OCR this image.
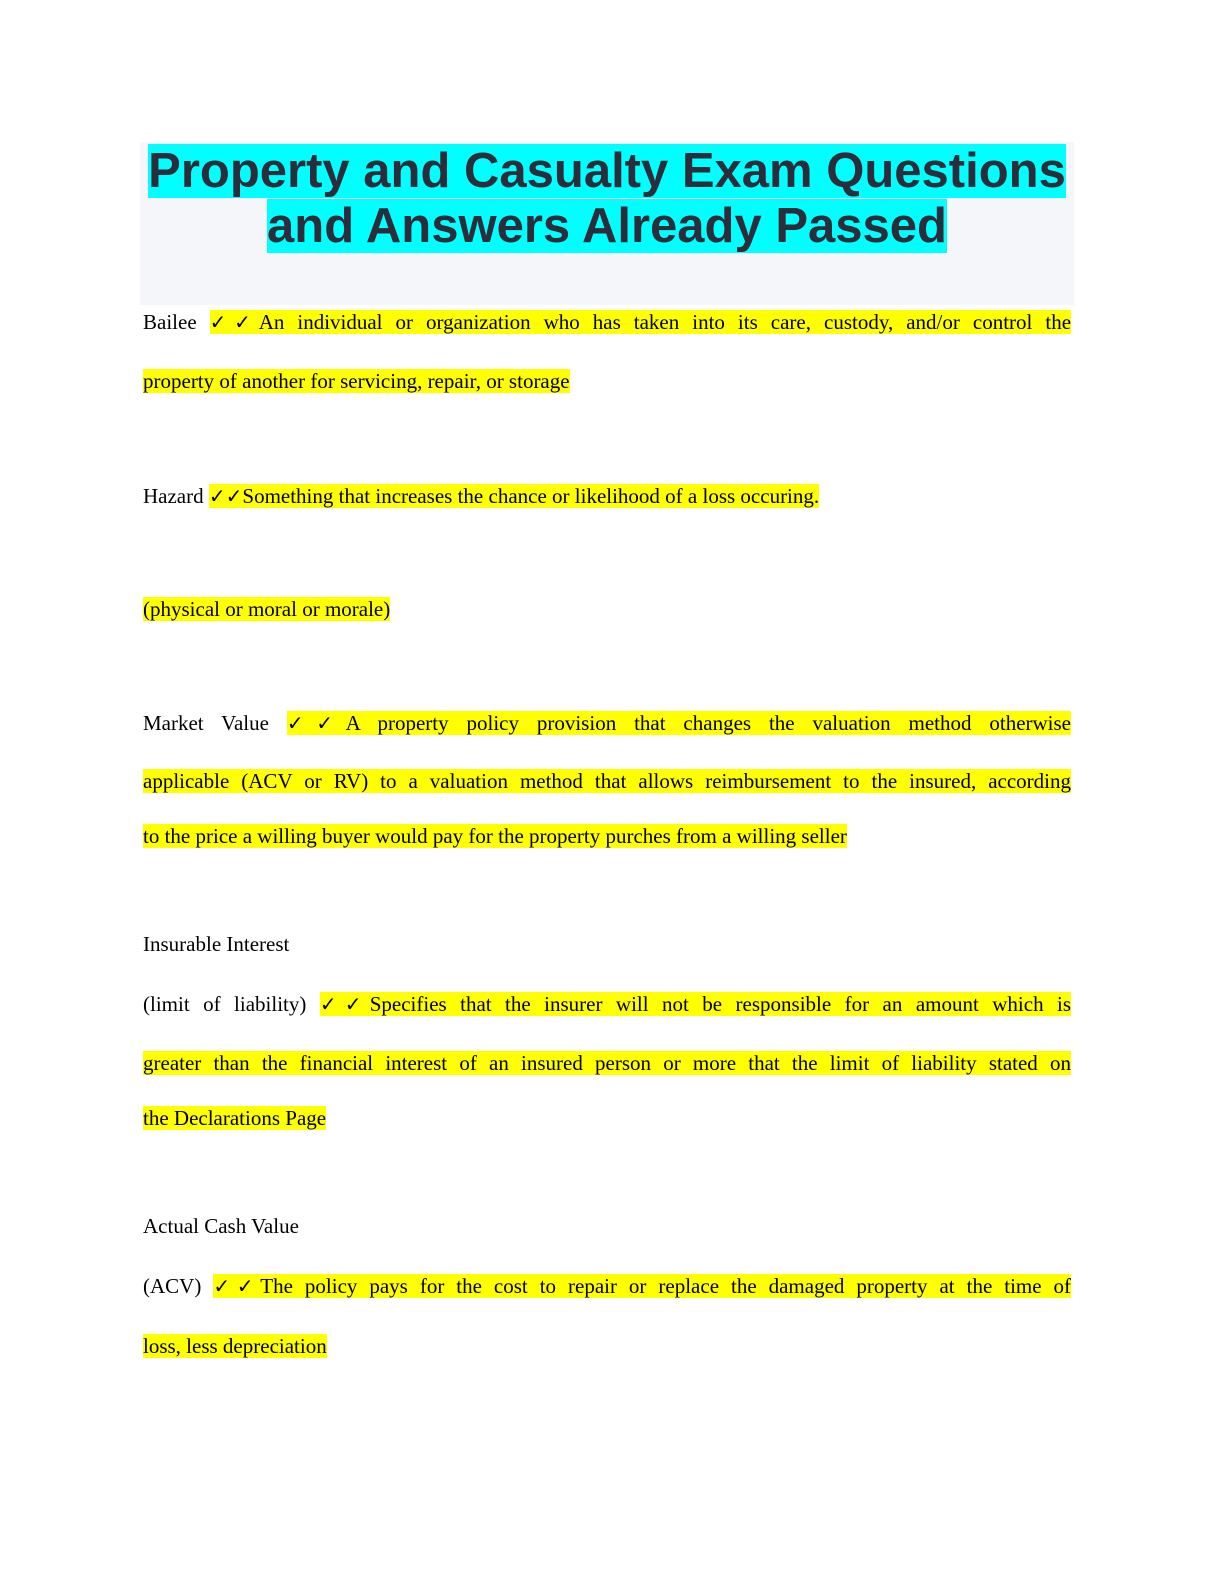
Property and Casualty Exam Questions
and Answers Already Passed
Bailee ✓✓An individual or organization who has taken into its care, custody, and/or control the
property of another for servicing, repair, or storage
Hazard ✓✓Something that increases the chance or likelihood of a loss occuring.
(physical or moral or morale)
Market Value ✓✓A property policy provision that changes the valuation method otherwise
applicable (ACV or RV) to a valuation method that allows reimbursement to the insured, according
to the price a willing buyer would pay for the property purches from a willing seller
Insurable Interest
(limit of liability) ✓✓Specifies that the insurer will not be responsible for an amount which is
greater than the financial interest of an insured person or more that the limit of liability stated on
the Declarations Page
Actual Cash Value
(ACV) ✓✓The policy pays for the cost to repair or replace the damaged property at the time of
loss, less depreciation
